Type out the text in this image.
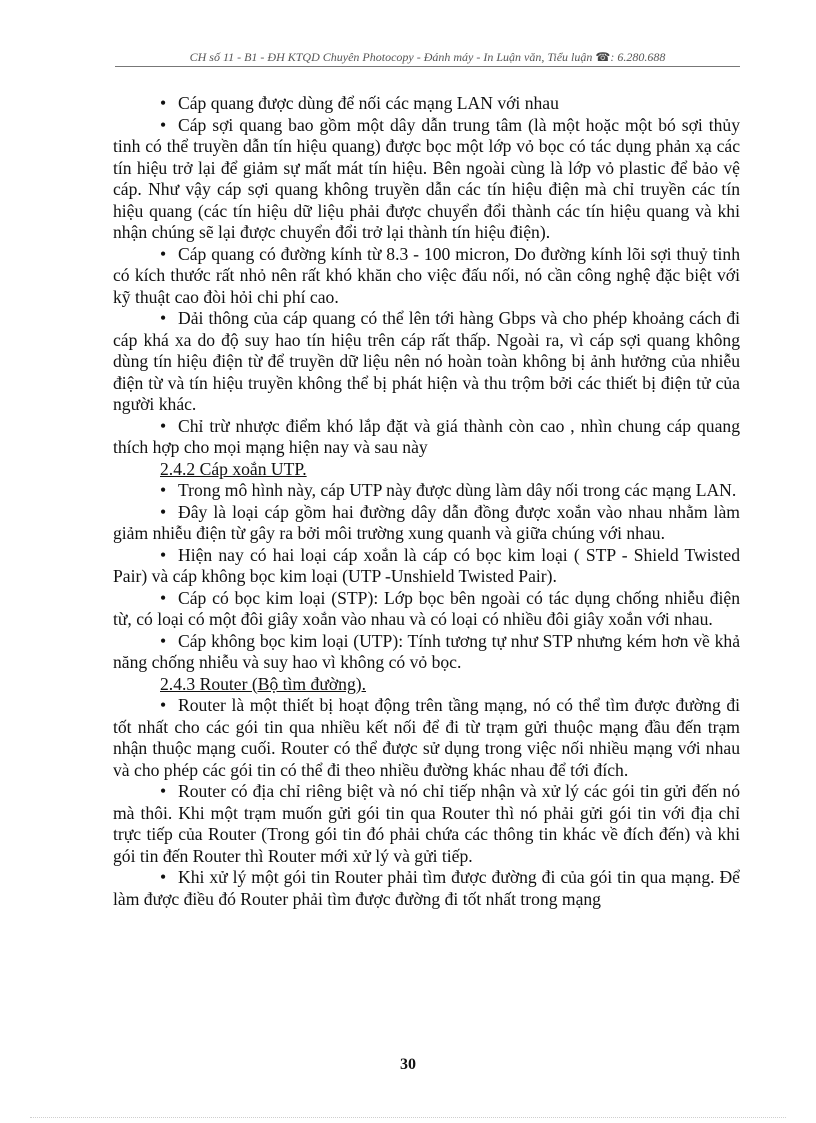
CH số 11 - B1 - ĐH KTQD Chuyên Photocopy - Đánh máy - In Luận văn, Tiểu luận ☎: 6.280.688

• Cáp quang được dùng để nối các mạng LAN với nhau

• Cáp sợi quang bao gồm một dây dẫn trung tâm (là một hoặc một bó sợi thủy tinh có thể truyền dẫn tín hiệu quang) được bọc một lớp vỏ bọc có tác dụng phản xạ các tín hiệu trở lại để giảm sự mất mát tín hiệu. Bên ngoài cùng là lớp vỏ plastic để bảo vệ cáp. Như vậy cáp sợi quang không truyền dẫn các tín hiệu điện mà chỉ truyền các tín hiệu quang (các tín hiệu dữ liệu phải được chuyển đổi thành các tín hiệu quang và khi nhận chúng sẽ lại được chuyển đổi trở lại thành tín hiệu điện).

• Cáp quang có đường kính từ 8.3 - 100 micron, Do đường kính lõi sợi thuỷ tinh có kích thước rất nhỏ nên rất khó khăn cho việc đấu nối, nó cần công nghệ đặc biệt với kỹ thuật cao đòi hỏi chi phí cao.

• Dải thông của cáp quang có thể lên tới hàng Gbps và cho phép khoảng cách đi cáp khá xa do độ suy hao tín hiệu trên cáp rất thấp. Ngoài ra, vì cáp sợi quang không dùng tín hiệu điện từ để truyền dữ liệu nên nó hoàn toàn không bị ảnh hưởng của nhiễu điện từ và tín hiệu truyền không thể bị phát hiện và thu trộm bởi các thiết bị điện tử của người khác.

• Chỉ trừ nhược điểm khó lắp đặt và giá thành còn cao , nhìn chung cáp quang thích hợp cho mọi mạng hiện nay và sau này

2.4.2 Cáp xoắn UTP.

• Trong mô hình này, cáp UTP này được dùng làm dây nối trong các mạng LAN.

• Đây là loại cáp gồm hai đường dây dẫn đồng được xoắn vào nhau nhằm làm giảm nhiễu điện từ gây ra bởi môi trường xung quanh và giữa chúng với nhau.

• Hiện nay có hai loại cáp xoắn là cáp có bọc kim loại ( STP - Shield Twisted Pair) và cáp không bọc kim loại (UTP -Unshield Twisted Pair).

• Cáp có bọc kim loại (STP): Lớp bọc bên ngoài có tác dụng chống nhiễu điện từ, có loại có một đôi giây xoắn vào nhau và có loại có nhiều đôi giây xoắn với nhau.

• Cáp không bọc kim loại (UTP): Tính tương tự như STP nhưng kém hơn về khả năng chống nhiễu và suy hao vì không có vỏ bọc.

2.4.3 Router (Bộ tìm đường).

• Router là một thiết bị hoạt động trên tầng mạng, nó có thể tìm được đường đi tốt nhất cho các gói tin qua nhiều kết nối để đi từ trạm gửi thuộc mạng đầu đến trạm nhận thuộc mạng cuối. Router có thể được sử dụng trong việc nối nhiều mạng với nhau và cho phép các gói tin có thể đi theo nhiều đường khác nhau để tới đích.

• Router có địa chỉ riêng biệt và nó chỉ tiếp nhận và xử lý các gói tin gửi đến nó mà thôi. Khi một trạm muốn gửi gói tin qua Router thì nó phải gửi gói tin với địa chỉ trực tiếp của Router (Trong gói tin đó phải chứa các thông tin khác về đích đến) và khi gói tin đến Router thì Router mới xử lý và gửi tiếp.

• Khi xử lý một gói tin Router phải tìm được đường đi của gói tin qua mạng. Để làm được điều đó Router phải tìm được đường đi tốt nhất trong mạng

30
